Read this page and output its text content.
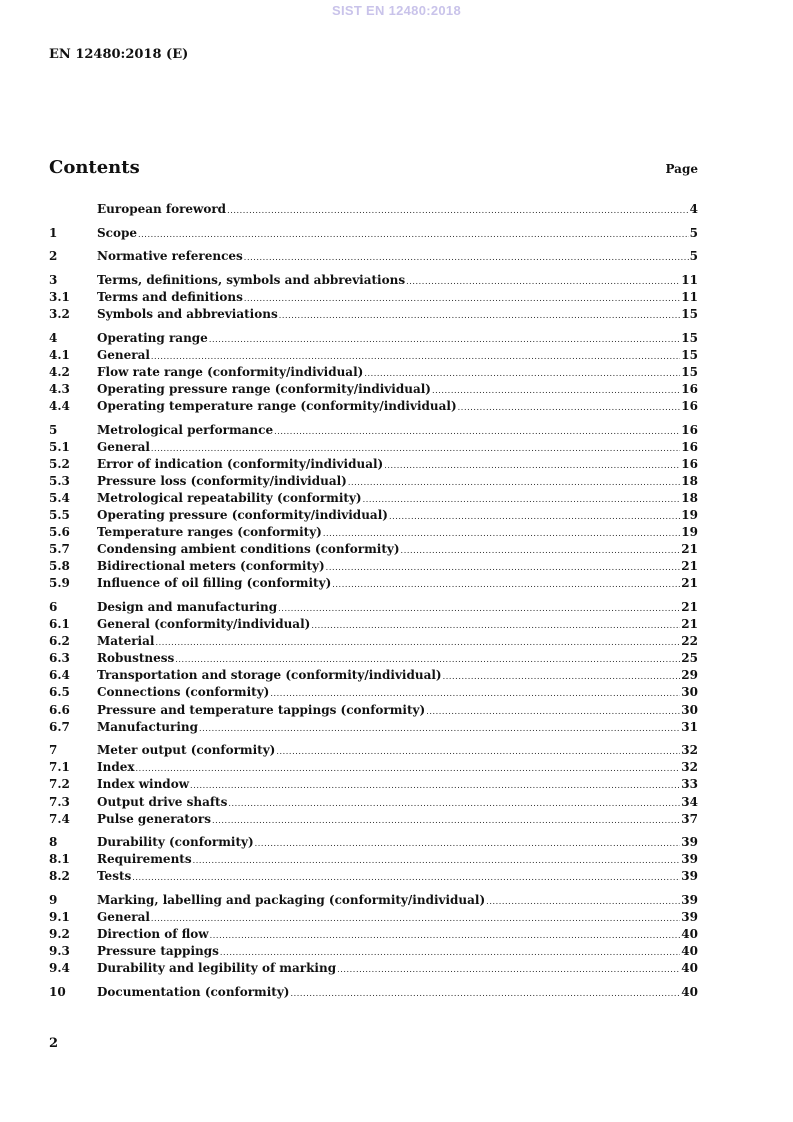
SIST EN 12480:2018
EN 12480:2018 (E)
Contents	Page
European foreword .....	4
1	Scope .....	5
2	Normative references .....	5
3	Terms, definitions, symbols and abbreviations .....	11
3.1	Terms and definitions .....	11
3.2	Symbols and abbreviations .....	15
4	Operating range .....	15
4.1	General .....	15
4.2	Flow rate range (conformity/individual) .....	15
4.3	Operating pressure range (conformity/individual) .....	16
4.4	Operating temperature range (conformity/individual) .....	16
5	Metrological performance .....	16
5.1	General .....	16
5.2	Error of indication (conformity/individual) .....	16
5.3	Pressure loss (conformity/individual) .....	18
5.4	Metrological repeatability (conformity) .....	18
5.5	Operating pressure (conformity/individual) .....	19
5.6	Temperature ranges (conformity) .....	19
5.7	Condensing ambient conditions (conformity) .....	21
5.8	Bidirectional meters (conformity) .....	21
5.9	Influence of oil filling (conformity) .....	21
6	Design and manufacturing .....	21
6.1	General (conformity/individual) .....	21
6.2	Material .....	22
6.3	Robustness .....	25
6.4	Transportation and storage (conformity/individual) .....	29
6.5	Connections (conformity) .....	30
6.6	Pressure and temperature tappings (conformity) .....	30
6.7	Manufacturing .....	31
7	Meter output (conformity) .....	32
7.1	Index .....	32
7.2	Index window .....	33
7.3	Output drive shafts .....	34
7.4	Pulse generators .....	37
8	Durability (conformity) .....	39
8.1	Requirements .....	39
8.2	Tests .....	39
9	Marking, labelling and packaging (conformity/individual) .....	39
9.1	General .....	39
9.2	Direction of flow .....	40
9.3	Pressure tappings .....	40
9.4	Durability and legibility of marking .....	40
10	Documentation (conformity) .....	40
2
